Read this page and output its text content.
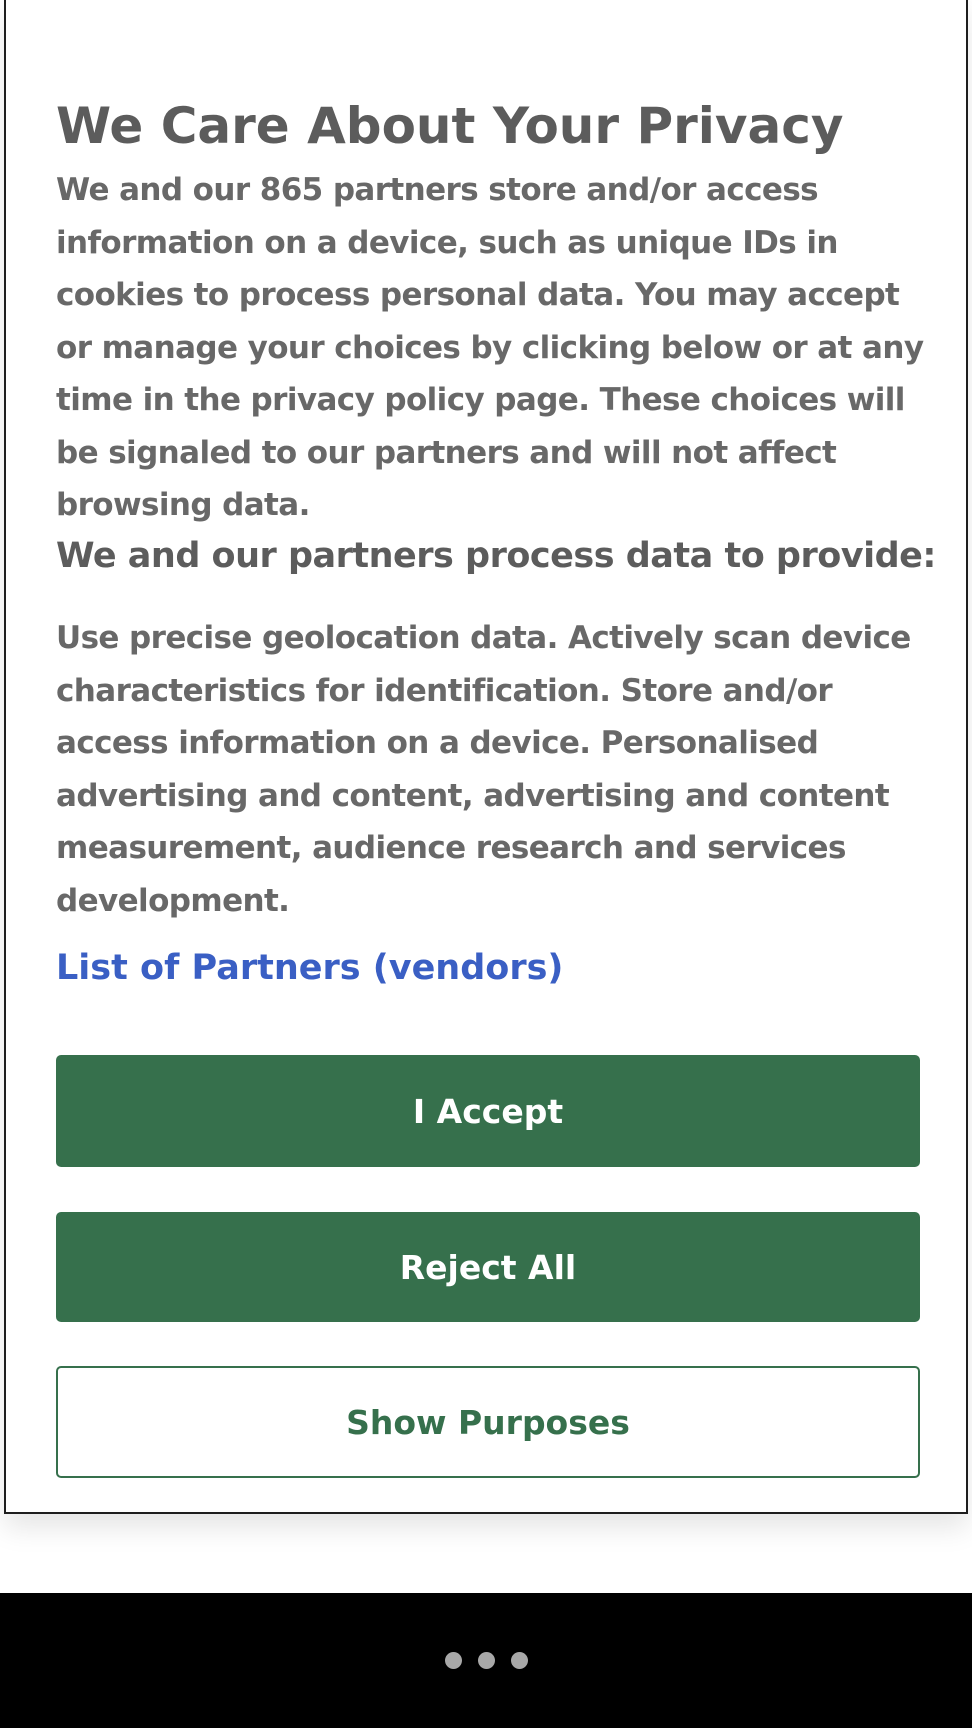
We Care About Your Privacy

We and our 865 partners store and/or access information on a device, such as unique IDs in cookies to process personal data. You may accept or manage your choices by clicking below or at any time in the privacy policy page. These choices will be signaled to our partners and will not affect browsing data.

We and our partners process data to provide:

Use precise geolocation data. Actively scan device characteristics for identification. Store and/or access information on a device. Personalised advertising and content, advertising and content measurement, audience research and services development.

List of Partners (vendors)
I Accept
Reject All
Show Purposes
